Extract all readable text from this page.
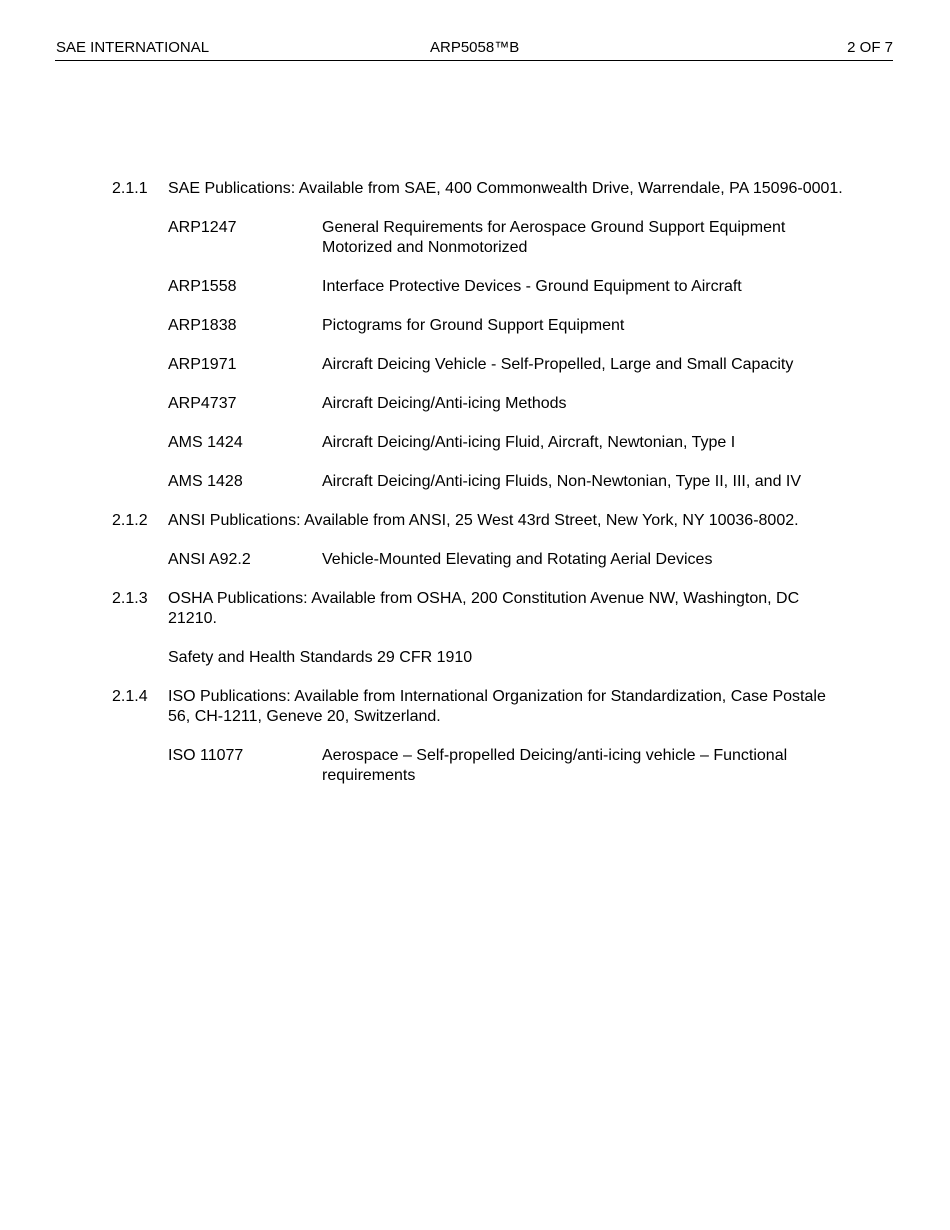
SAE INTERNATIONAL	ARP5058™B	2 OF 7
2.1.1	SAE Publications: Available from SAE, 400 Commonwealth Drive, Warrendale, PA 15096-0001.

ARP1247	General Requirements for Aerospace Ground Support Equipment Motorized and Nonmotorized
ARP1558	Interface Protective Devices - Ground Equipment to Aircraft
ARP1838	Pictograms for Ground Support Equipment
ARP1971	Aircraft Deicing Vehicle - Self-Propelled, Large and Small Capacity
ARP4737	Aircraft Deicing/Anti-icing Methods
AMS 1424	Aircraft Deicing/Anti-icing Fluid, Aircraft, Newtonian, Type I
AMS 1428	Aircraft Deicing/Anti-icing Fluids, Non-Newtonian, Type II, III, and IV
2.1.2	ANSI Publications: Available from ANSI, 25 West 43rd Street, New York, NY 10036-8002.

ANSI A92.2	Vehicle-Mounted Elevating and Rotating Aerial Devices
2.1.3	OSHA Publications: Available from OSHA, 200 Constitution Avenue NW, Washington, DC 21210.

Safety and Health Standards 29 CFR 1910
2.1.4	ISO Publications: Available from International Organization for Standardization, Case Postale 56, CH-1211, Geneve 20, Switzerland.

ISO 11077	Aerospace – Self-propelled Deicing/anti-icing vehicle – Functional requirements
